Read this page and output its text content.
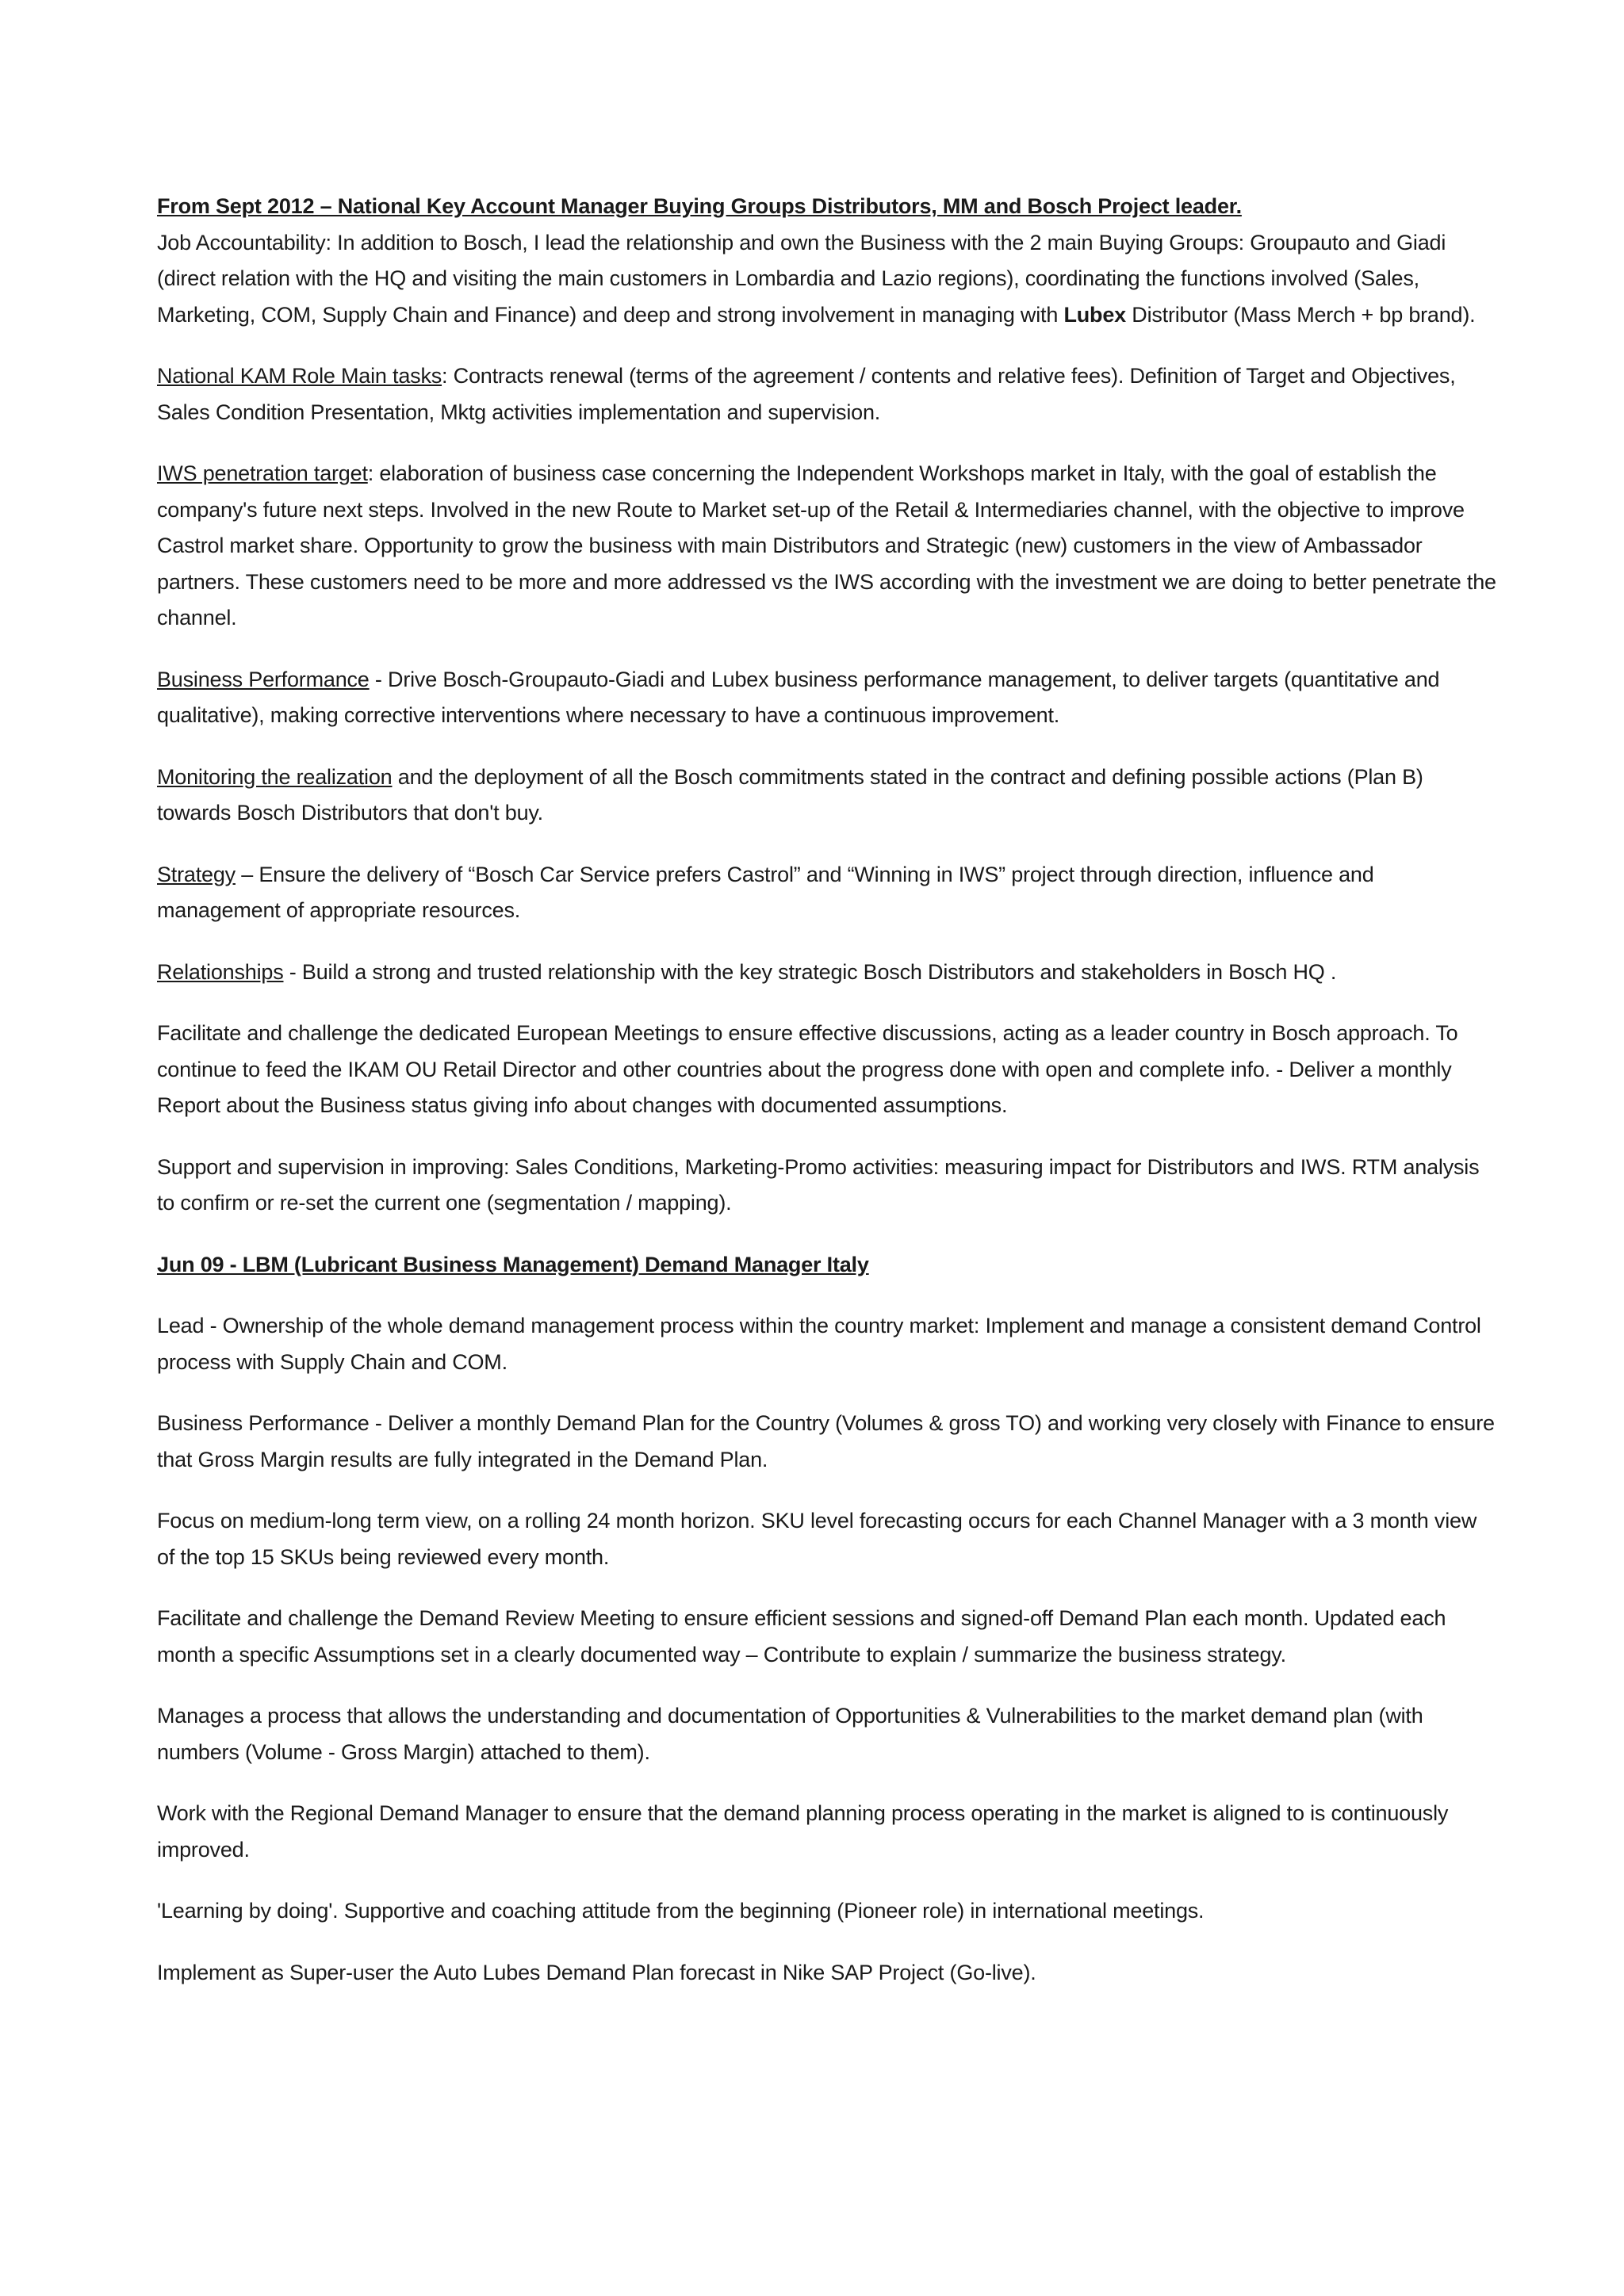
From Sept 2012 – National Key Account Manager Buying Groups Distributors, MM and Bosch Project leader.

Job Accountability: In addition to Bosch, I lead the relationship and own the Business with the 2 main Buying Groups: Groupauto and Giadi (direct relation with the HQ and visiting the main customers in Lombardia and Lazio regions), coordinating the functions involved (Sales, Marketing, COM, Supply Chain and Finance) and deep and strong involvement in managing with Lubex Distributor (Mass Merch + bp brand).

National KAM Role Main tasks: Contracts renewal (terms of the agreement / contents and relative fees). Definition of Target and Objectives, Sales Condition Presentation, Mktg activities implementation and supervision.

IWS penetration target: elaboration of business case concerning the Independent Workshops market in Italy, with the goal of establish the company's future next steps. Involved in the new Route to Market set-up of the Retail & Intermediaries channel, with the objective to improve Castrol market share. Opportunity to grow the business with main Distributors and Strategic (new) customers in the view of Ambassador partners. These customers need to be more and more addressed vs the IWS according with the investment we are doing to better penetrate the channel.

Business Performance - Drive Bosch-Groupauto-Giadi and Lubex business performance management, to deliver targets (quantitative and qualitative), making corrective interventions where necessary to have a continuous improvement.

Monitoring the realization and the deployment of all the Bosch commitments stated in the contract and defining possible actions (Plan B) towards Bosch Distributors that don't buy.

Strategy – Ensure the delivery of “Bosch Car Service prefers Castrol” and “Winning in IWS” project through direction, influence and management of appropriate resources.

Relationships - Build a strong and trusted relationship with the key strategic Bosch Distributors and stakeholders in Bosch HQ .

Facilitate and challenge the dedicated European Meetings to ensure effective discussions, acting as a leader country in Bosch approach. To continue to feed the IKAM OU Retail Director and other countries about the progress done with open and complete info. - Deliver a monthly Report about the Business status giving info about changes with documented assumptions.

Support and supervision in improving: Sales Conditions, Marketing-Promo activities: measuring impact for Distributors and IWS. RTM analysis to confirm or re-set the current one (segmentation / mapping).

Jun 09 - LBM (Lubricant Business Management) Demand Manager Italy

Lead - Ownership of the whole demand management process within the country market: Implement and manage a consistent demand Control process with Supply Chain and COM.

Business Performance - Deliver a monthly Demand Plan for the Country (Volumes & gross TO) and working very closely with Finance to ensure that Gross Margin results are fully integrated in the Demand Plan.

Focus on medium-long term view, on a rolling 24 month horizon. SKU level forecasting occurs for each Channel Manager with a 3 month view of the top 15 SKUs being reviewed every month.

Facilitate and challenge the Demand Review Meeting to ensure efficient sessions and signed-off Demand Plan each month. Updated each month a specific Assumptions set in a clearly documented way – Contribute to explain / summarize the business strategy.

Manages a process that allows the understanding and documentation of Opportunities & Vulnerabilities to the market demand plan (with numbers (Volume - Gross Margin) attached to them).

Work with the Regional Demand Manager to ensure that the demand planning process operating in the market is aligned to is continuously improved.

'Learning by doing'. Supportive and coaching attitude from the beginning (Pioneer role) in international meetings.

Implement as Super-user the Auto Lubes Demand Plan forecast in Nike SAP Project (Go-live).
